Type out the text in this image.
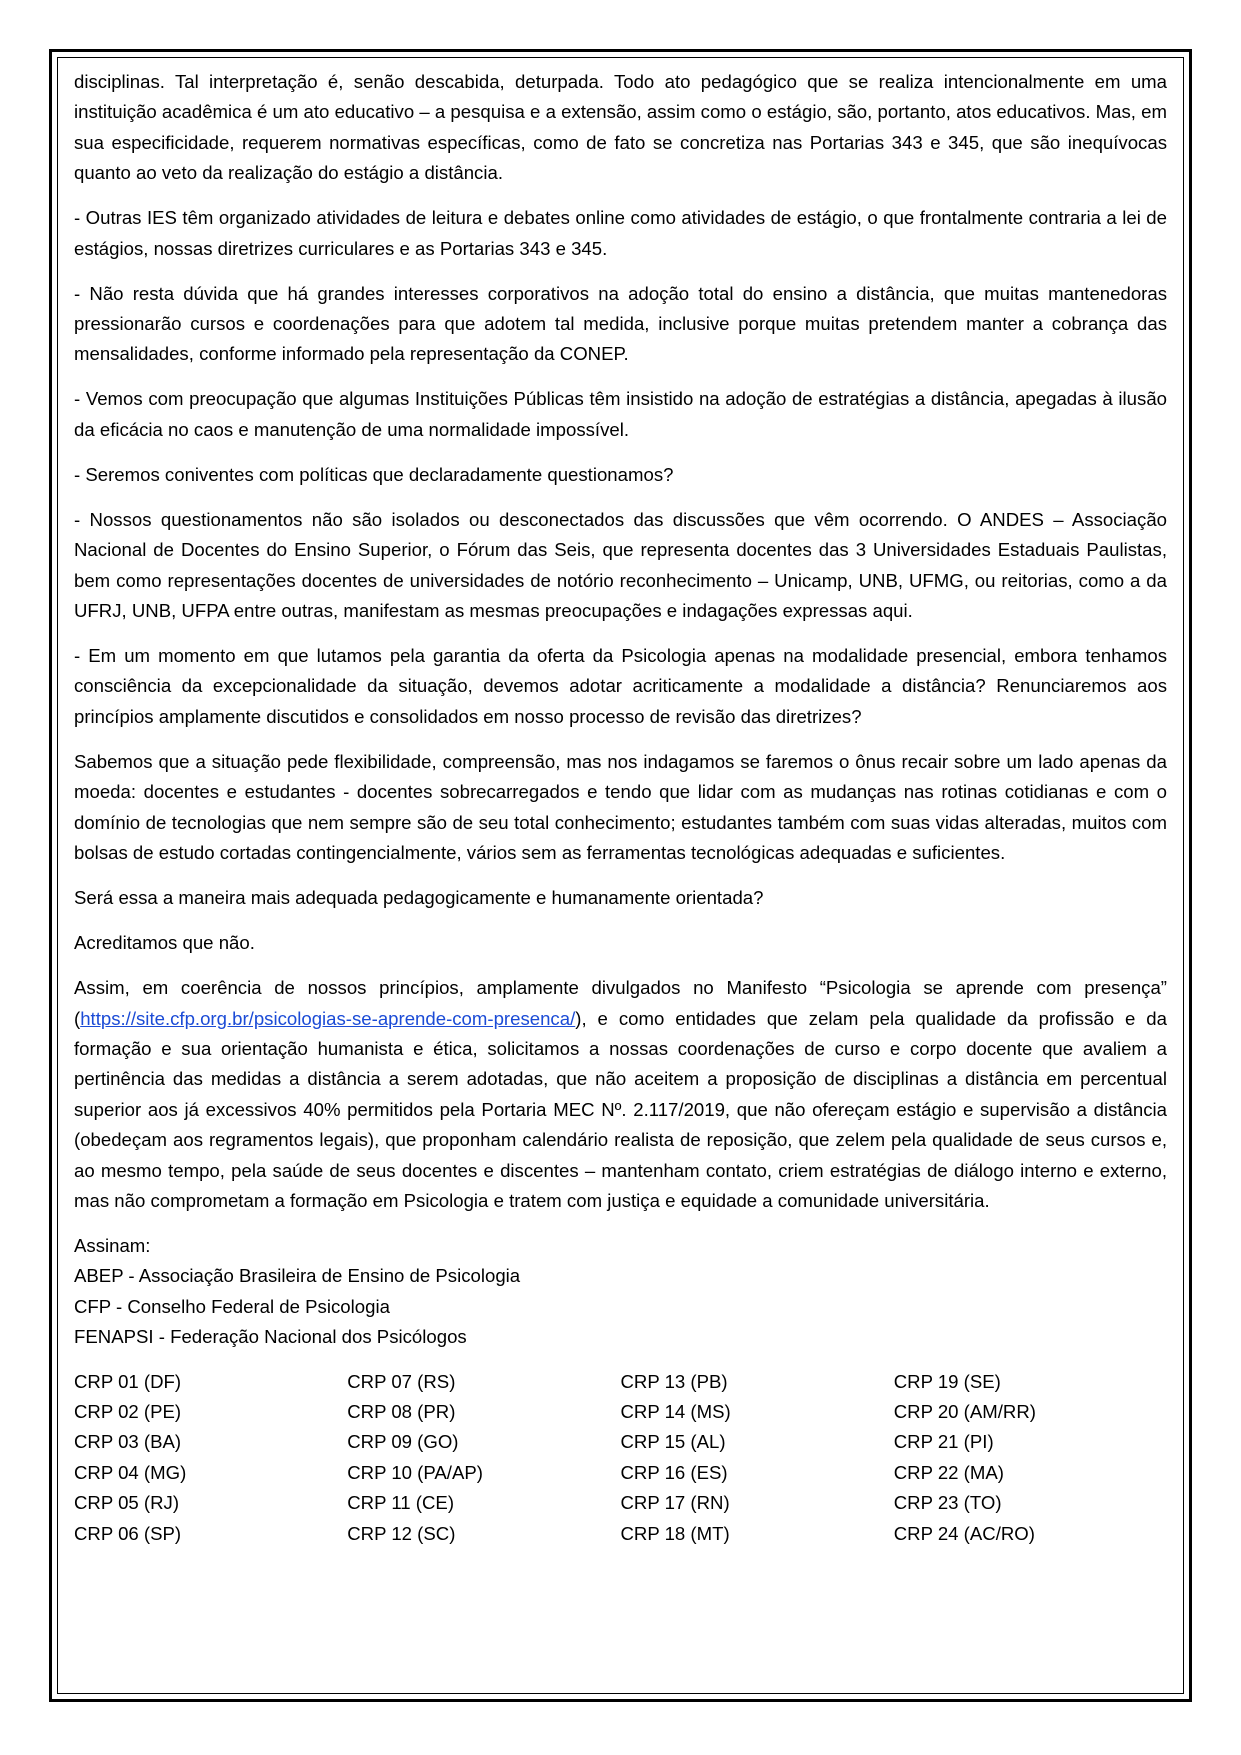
disciplinas. Tal interpretação é, senão descabida, deturpada. Todo ato pedagógico que se realiza intencionalmente em uma instituição acadêmica é um ato educativo – a pesquisa e a extensão, assim como o estágio, são, portanto, atos educativos. Mas, em sua especificidade, requerem normativas específicas, como de fato se concretiza nas Portarias 343 e 345, que são inequívocas quanto ao veto da realização do estágio a distância.

- Outras IES têm organizado atividades de leitura e debates online como atividades de estágio, o que frontalmente contraria a lei de estágios, nossas diretrizes curriculares e as Portarias 343 e 345.

- Não resta dúvida que há grandes interesses corporativos na adoção total do ensino a distância, que muitas mantenedoras pressionarão cursos e coordenações para que adotem tal medida, inclusive porque muitas pretendem manter a cobrança das mensalidades, conforme informado pela representação da CONEP.

- Vemos com preocupação que algumas Instituições Públicas têm insistido na adoção de estratégias a distância, apegadas à ilusão da eficácia no caos e manutenção de uma normalidade impossível.

- Seremos coniventes com políticas que declaradamente questionamos?

- Nossos questionamentos não são isolados ou desconectados das discussões que vêm ocorrendo. O ANDES – Associação Nacional de Docentes do Ensino Superior, o Fórum das Seis, que representa docentes das 3 Universidades Estaduais Paulistas, bem como representações docentes de universidades de notório reconhecimento – Unicamp, UNB, UFMG, ou reitorias, como a da UFRJ, UNB, UFPA entre outras, manifestam as mesmas preocupações e indagações expressas aqui.

- Em um momento em que lutamos pela garantia da oferta da Psicologia apenas na modalidade presencial, embora tenhamos consciência da excepcionalidade da situação, devemos adotar acriticamente a modalidade a distância? Renunciaremos aos princípios amplamente discutidos e consolidados em nosso processo de revisão das diretrizes?

Sabemos que a situação pede flexibilidade, compreensão, mas nos indagamos se faremos o ônus recair sobre um lado apenas da moeda: docentes e estudantes - docentes sobrecarregados e tendo que lidar com as mudanças nas rotinas cotidianas e com o domínio de tecnologias que nem sempre são de seu total conhecimento; estudantes também com suas vidas alteradas, muitos com bolsas de estudo cortadas contingencialmente, vários sem as ferramentas tecnológicas adequadas e suficientes.

Será essa a maneira mais adequada pedagogicamente e humanamente orientada?

Acreditamos que não.

Assim, em coerência de nossos princípios, amplamente divulgados no Manifesto “Psicologia se aprende com presença” (https://site.cfp.org.br/psicologias-se-aprende-com-presenca/), e como entidades que zelam pela qualidade da profissão e da formação e sua orientação humanista e ética, solicitamos a nossas coordenações de curso e corpo docente que avaliem a pertinência das medidas a distância a serem adotadas, que não aceitem a proposição de disciplinas a distância em percentual superior aos já excessivos 40% permitidos pela Portaria MEC Nº. 2.117/2019, que não ofereçam estágio e supervisão a distância (obedeçam aos regramentos legais), que proponham calendário realista de reposição, que zelem pela qualidade de seus cursos e, ao mesmo tempo, pela saúde de seus docentes e discentes – mantenham contato, criem estratégias de diálogo interno e externo, mas não comprometam a formação em Psicologia e tratem com justiça e equidade a comunidade universitária.

Assinam:
ABEP - Associação Brasileira de Ensino de Psicologia
CFP - Conselho Federal de Psicologia
FENAPSI - Federação Nacional dos Psicólogos
CRP 01 (DF)
CRP 02 (PE)
CRP 03 (BA)
CRP 04 (MG)
CRP 05 (RJ)
CRP 06 (SP)
CRP 07 (RS)
CRP 08 (PR)
CRP 09 (GO)
CRP 10 (PA/AP)
CRP 11 (CE)
CRP 12 (SC)
CRP 13 (PB)
CRP 14 (MS)
CRP 15 (AL)
CRP 16 (ES)
CRP 17 (RN)
CRP 18 (MT)
CRP 19 (SE)
CRP 20 (AM/RR)
CRP 21 (PI)
CRP 22 (MA)
CRP 23 (TO)
CRP 24 (AC/RO)
